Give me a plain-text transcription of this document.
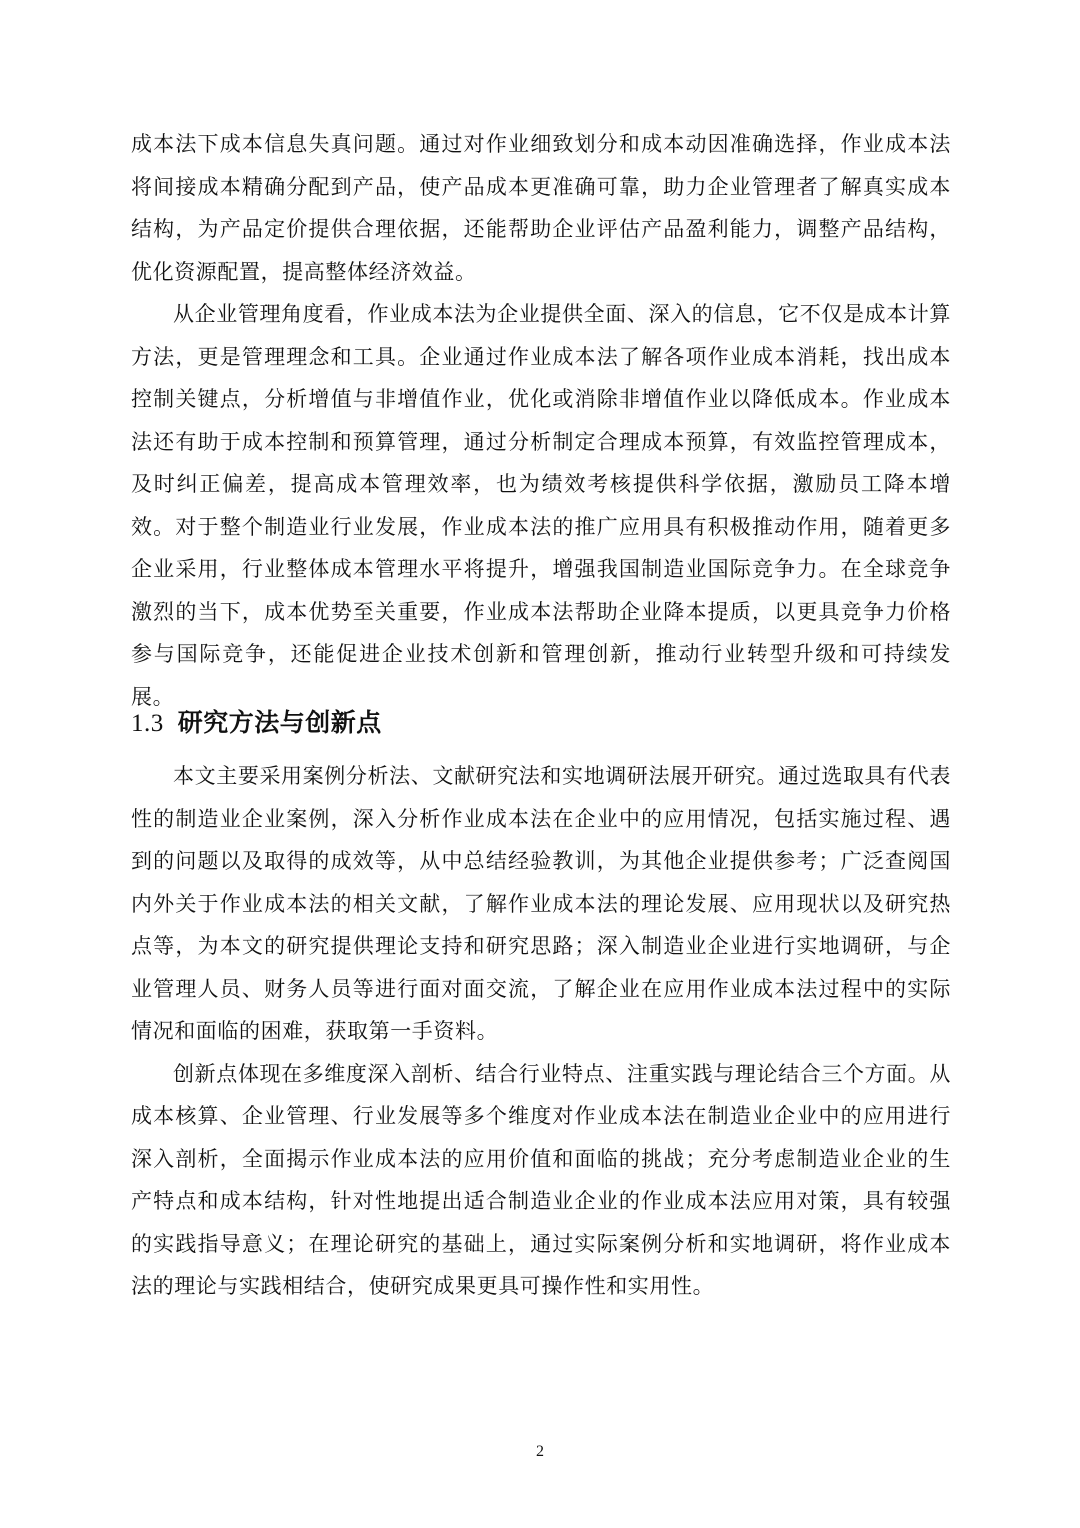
成本法下成本信息失真问题。通过对作业细致划分和成本动因准确选择，作业成本法将间接成本精确分配到产品，使产品成本更准确可靠，助力企业管理者了解真实成本结构，为产品定价提供合理依据，还能帮助企业评估产品盈利能力，调整产品结构，优化资源配置，提高整体经济效益。

从企业管理角度看，作业成本法为企业提供全面、深入的信息，它不仅是成本计算方法，更是管理理念和工具。企业通过作业成本法了解各项作业成本消耗，找出成本控制关键点，分析增值与非增值作业，优化或消除非增值作业以降低成本。作业成本法还有助于成本控制和预算管理，通过分析制定合理成本预算，有效监控管理成本，及时纠正偏差，提高成本管理效率，也为绩效考核提供科学依据，激励员工降本增效。对于整个制造业行业发展，作业成本法的推广应用具有积极推动作用，随着更多企业采用，行业整体成本管理水平将提升，增强我国制造业国际竞争力。在全球竞争激烈的当下，成本优势至关重要，作业成本法帮助企业降本提质，以更具竞争力价格参与国际竞争，还能促进企业技术创新和管理创新，推动行业转型升级和可持续发展。

1.3 研究方法与创新点

本文主要采用案例分析法、文献研究法和实地调研法展开研究。通过选取具有代表性的制造业企业案例，深入分析作业成本法在企业中的应用情况，包括实施过程、遇到的问题以及取得的成效等，从中总结经验教训，为其他企业提供参考；广泛查阅国内外关于作业成本法的相关文献，了解作业成本法的理论发展、应用现状以及研究热点等，为本文的研究提供理论支持和研究思路；深入制造业企业进行实地调研，与企业管理人员、财务人员等进行面对面交流，了解企业在应用作业成本法过程中的实际情况和面临的困难，获取第一手资料。

创新点体现在多维度深入剖析、结合行业特点、注重实践与理论结合三个方面。从成本核算、企业管理、行业发展等多个维度对作业成本法在制造业企业中的应用进行深入剖析，全面揭示作业成本法的应用价值和面临的挑战；充分考虑制造业企业的生产特点和成本结构，针对性地提出适合制造业企业的作业成本法应用对策，具有较强的实践指导意义；在理论研究的基础上，通过实际案例分析和实地调研，将作业成本法的理论与实践相结合，使研究成果更具可操作性和实用性。

2
